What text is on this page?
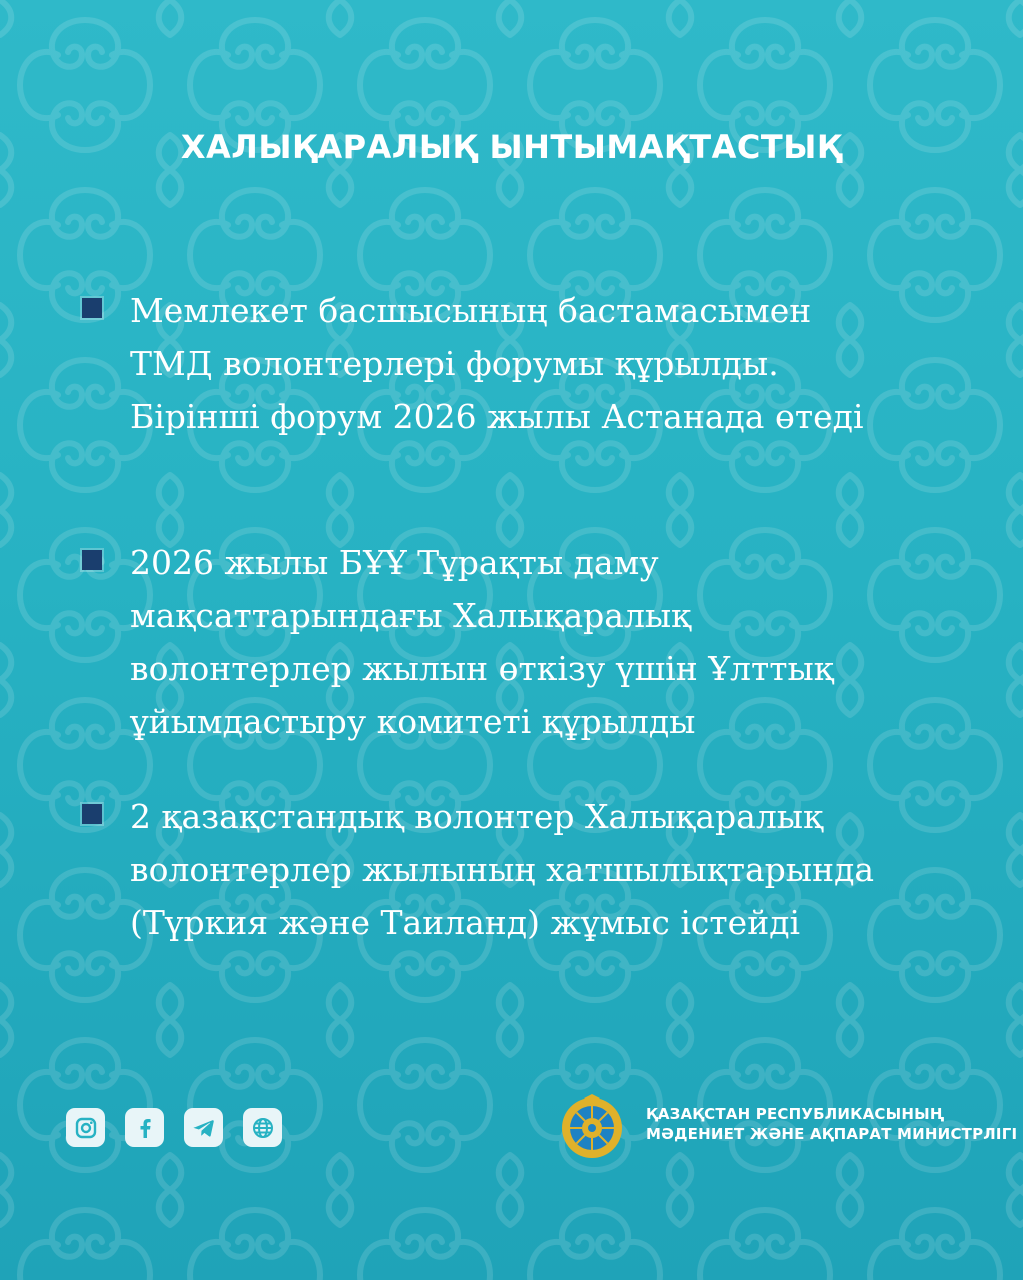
ХАЛЫҚАРАЛЫҚ ЫНТЫМАҚТАСТЫҚ
Мемлекет басшысының бастамасымен
ТМД волонтерлері форумы құрылды.
Бірінші форум 2026 жылы Астанада өтеді
2026 жылы БҰҰ Тұрақты даму
мақсаттарындағы Халықаралық
волонтерлер жылын өткізу үшін Ұлттық
ұйымдастыру комитеті құрылды
2 қазақстандық волонтер Халықаралық
волонтерлер жылының хатшылықтарында
(Түркия және Таиланд) жұмыс істейді
ҚАЗАҚСТАН РЕСПУБЛИКАСЫНЫҢ
МӘДЕНИЕТ ЖӘНЕ АҚПАРАТ МИНИСТРЛІГІ
